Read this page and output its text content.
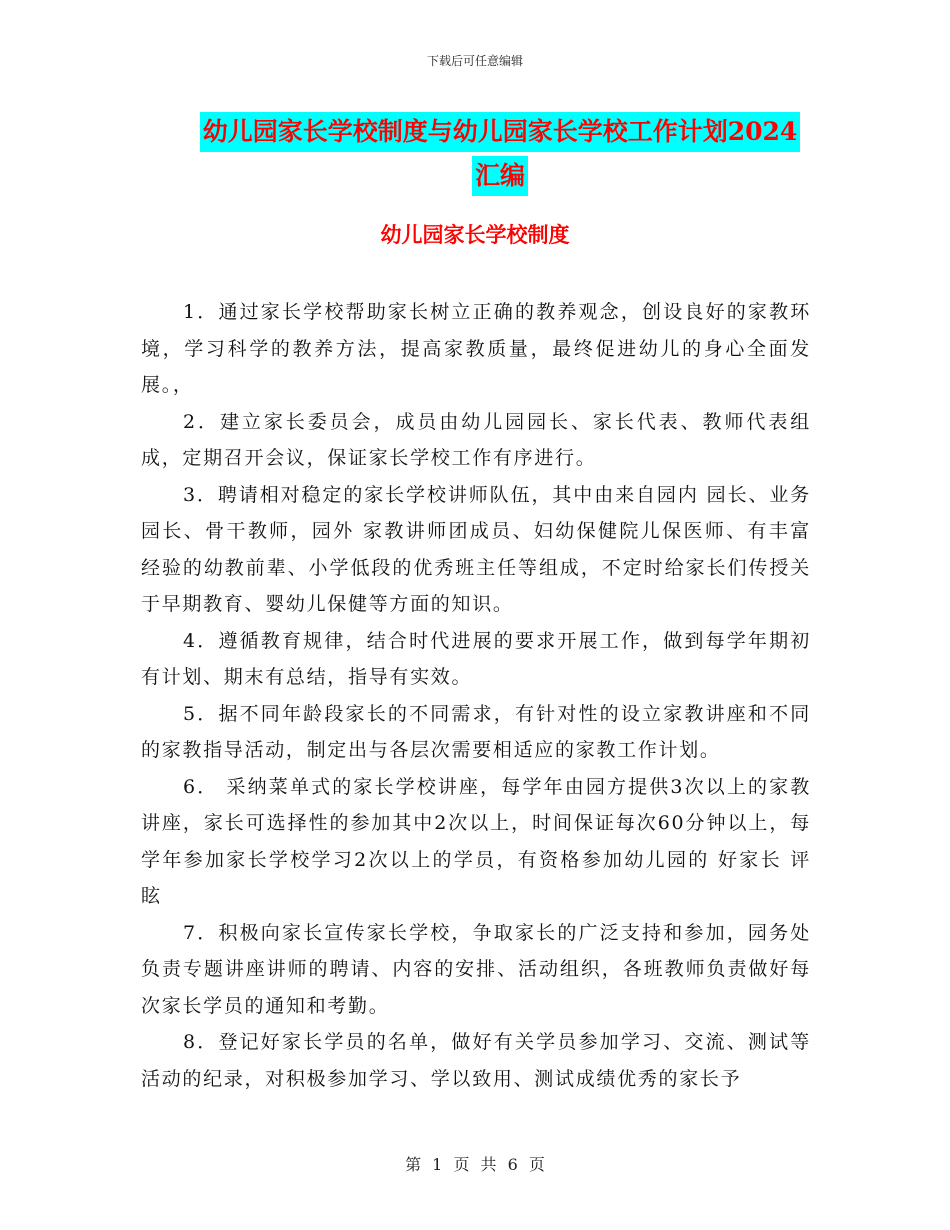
下载后可任意编辑
幼儿园家长学校制度与幼儿园家长学校工作计划2024
汇编
幼儿园家长学校制度

1．通过家长学校帮助家长树立正确的教养观念，创设良好的家教环境，学习科学的教养方法，提高家教质量，最终促进幼儿的身心全面发展。，

2．建立家长委员会，成员由幼儿园园长、家长代表、教师代表组成，定期召开会议，保证家长学校工作有序进行。

3．聘请相对稳定的家长学校讲师队伍，其中由来自园内 园长、业务园长、骨干教师，园外 家教讲师团成员、妇幼保健院儿保医师、有丰富经验的幼教前辈、小学低段的优秀班主任等组成，不定时给家长们传授关于早期教育、婴幼儿保健等方面的知识。

4．遵循教育规律，结合时代进展的要求开展工作，做到每学年期初有计划、期末有总结，指导有实效。

5．据不同年龄段家长的不同需求，有针对性的设立家教讲座和不同的家教指导活动，制定出与各层次需要相适应的家教工作计划。

6． 采纳菜单式的家长学校讲座，每学年由园方提供3次以上的家教讲座，家长可选择性的参加其中2次以上，时间保证每次60分钟以上，每学年参加家长学校学习2次以上的学员，有资格参加幼儿园的 好家长 评眩

7．积极向家长宣传家长学校，争取家长的广泛支持和参加，园务处负责专题讲座讲师的聘请、内容的安排、活动组织，各班教师负责做好每次家长学员的通知和考勤。

8．登记好家长学员的名单，做好有关学员参加学习、交流、测试等活动的纪录，对积极参加学习、学以致用、测试成绩优秀的家长予

第 1 页 共 6 页
